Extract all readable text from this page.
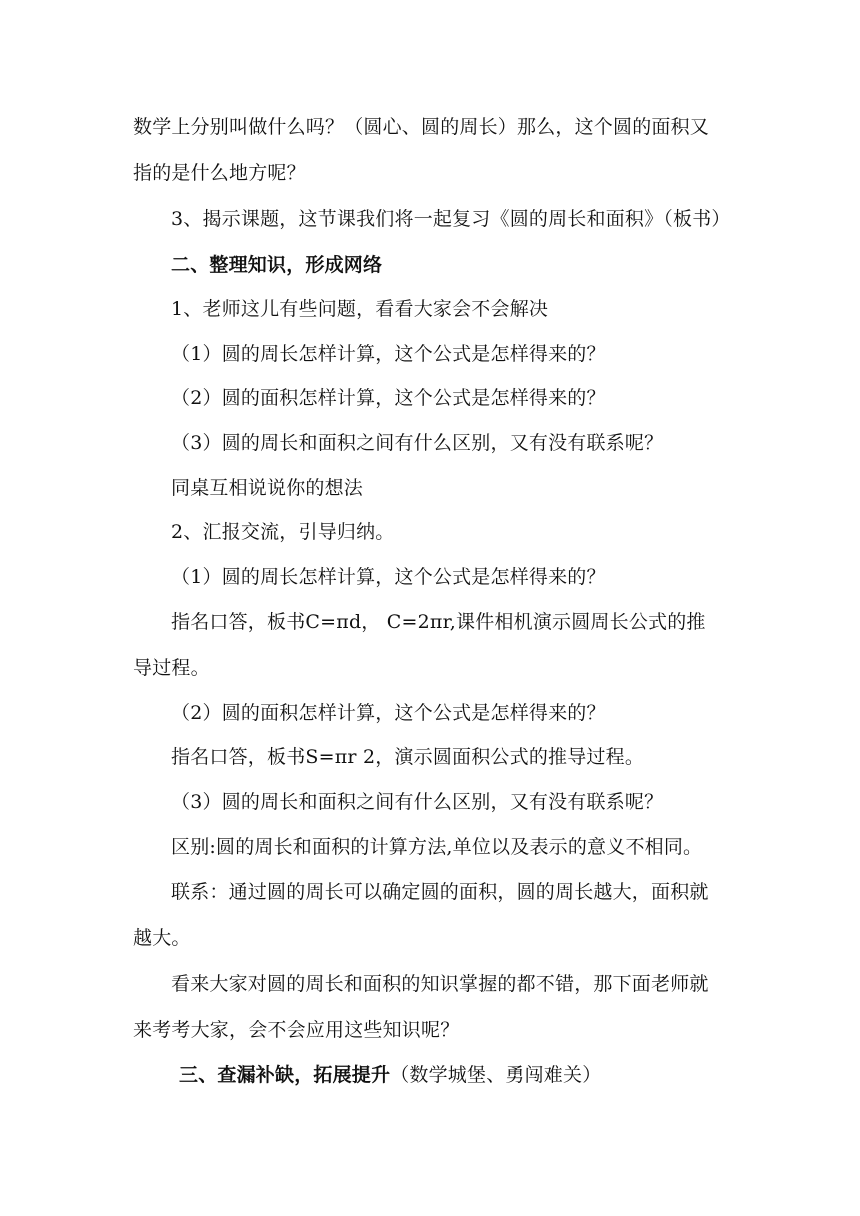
数学上分别叫做什么吗？（圆心、圆的周长）那么，这个圆的面积又
指的是什么地方呢？
3、揭示课题，这节课我们将一起复习《圆的周长和面积》（板书）
二、整理知识，形成网络
1、老师这儿有些问题，看看大家会不会解决
（1）圆的周长怎样计算，这个公式是怎样得来的？
（2）圆的面积怎样计算，这个公式是怎样得来的？
（3）圆的周长和面积之间有什么区别，又有没有联系呢？
同桌互相说说你的想法
2、汇报交流，引导归纳。
（1）圆的周长怎样计算，这个公式是怎样得来的？
指名口答，板书C=πd， C=2πr,课件相机演示圆周长公式的推
导过程。
（2）圆的面积怎样计算，这个公式是怎样得来的？
指名口答，板书S=πr 2，演示圆面积公式的推导过程。
（3）圆的周长和面积之间有什么区别，又有没有联系呢？
区别:圆的周长和面积的计算方法,单位以及表示的意义不相同。
联系：通过圆的周长可以确定圆的面积，圆的周长越大，面积就
越大。
看来大家对圆的周长和面积的知识掌握的都不错，那下面老师就
来考考大家，会不会应用这些知识呢？
三、查漏补缺，拓展提升（数学城堡、勇闯难关）
